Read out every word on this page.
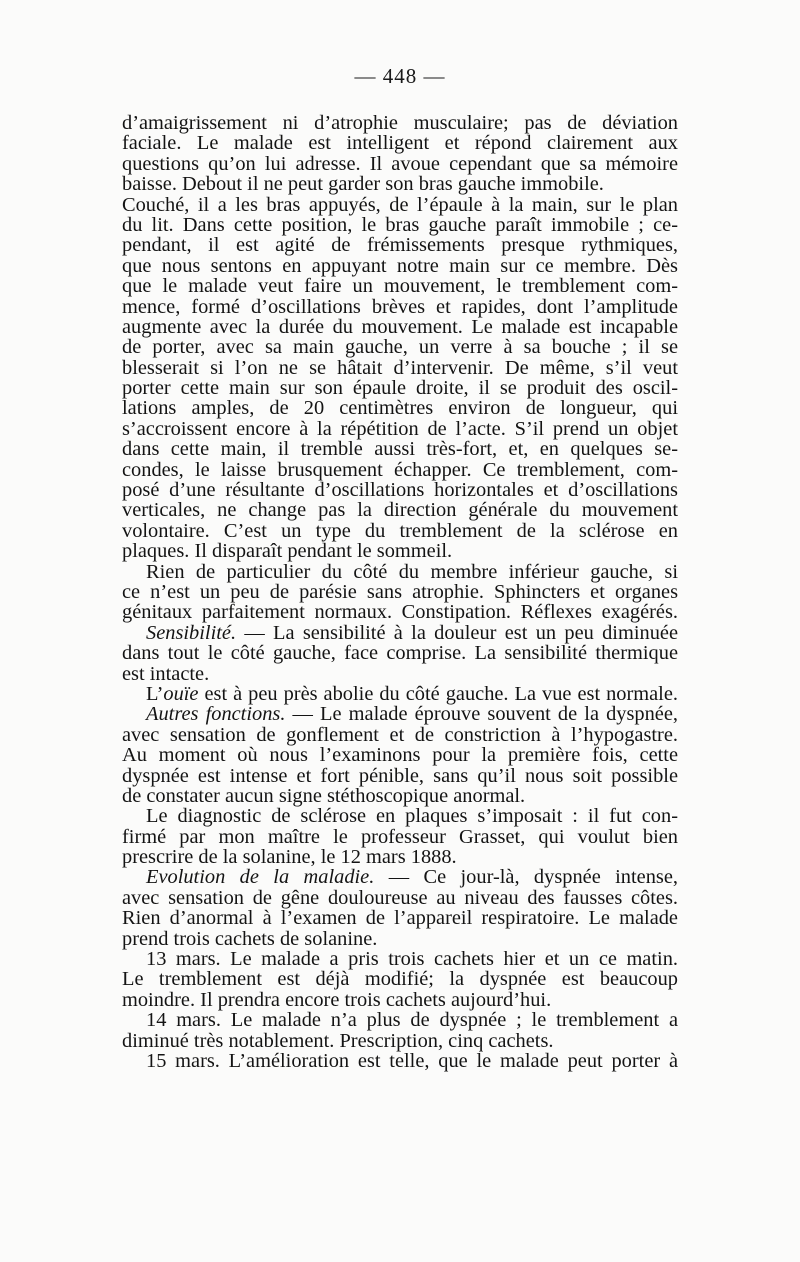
— 448 —
d’amaigrissement ni d’atrophie musculaire; pas de déviation
faciale. Le malade est intelligent et répond clairement aux
questions qu’on lui adresse. Il avoue cependant que sa mémoire
baisse. Debout il ne peut garder son bras gauche immobile.
Couché, il a les bras appuyés, de l’épaule à la main, sur le plan
du lit. Dans cette position, le bras gauche paraît immobile ; ce-
pendant, il est agité de frémissements presque rythmiques,
que nous sentons en appuyant notre main sur ce membre. Dès
que le malade veut faire un mouvement, le tremblement com-
mence, formé d’oscillations brèves et rapides, dont l’amplitude
augmente avec la durée du mouvement. Le malade est incapable
de porter, avec sa main gauche, un verre à sa bouche ; il se
blesserait si l’on ne se hâtait d’intervenir. De même, s’il veut
porter cette main sur son épaule droite, il se produit des oscil-
lations amples, de 20 centimètres environ de longueur, qui
s’accroissent encore à la répétition de l’acte. S’il prend un objet
dans cette main, il tremble aussi très-fort, et, en quelques se-
condes, le laisse brusquement échapper. Ce tremblement, com-
posé d’une résultante d’oscillations horizontales et d’oscillations
verticales, ne change pas la direction générale du mouvement
volontaire. C’est un type du tremblement de la sclérose en
plaques. Il disparaît pendant le sommeil.
Rien de particulier du côté du membre inférieur gauche, si
ce n’est un peu de parésie sans atrophie. Sphincters et organes
génitaux parfaitement normaux. Constipation. Réflexes exagérés.
Sensibilité. — La sensibilité à la douleur est un peu diminuée
dans tout le côté gauche, face comprise. La sensibilité thermique
est intacte.
L’ouïe est à peu près abolie du côté gauche. La vue est normale.
Autres fonctions. — Le malade éprouve souvent de la dyspnée,
avec sensation de gonflement et de constriction à l’hypogastre.
Au moment où nous l’examinons pour la première fois, cette
dyspnée est intense et fort pénible, sans qu’il nous soit possible
de constater aucun signe stéthoscopique anormal.
Le diagnostic de sclérose en plaques s’imposait : il fut con-
firmé par mon maître le professeur Grasset, qui voulut bien
prescrire de la solanine, le 12 mars 1888.
Evolution de la maladie. — Ce jour-là, dyspnée intense,
avec sensation de gêne douloureuse au niveau des fausses côtes.
Rien d’anormal à l’examen de l’appareil respiratoire. Le malade
prend trois cachets de solanine.
13 mars. Le malade a pris trois cachets hier et un ce matin.
Le tremblement est déjà modifié; la dyspnée est beaucoup
moindre. Il prendra encore trois cachets aujourd’hui.
14 mars. Le malade n’a plus de dyspnée ; le tremblement a
diminué très notablement. Prescription, cinq cachets.
15 mars. L’amélioration est telle, que le malade peut porter à
